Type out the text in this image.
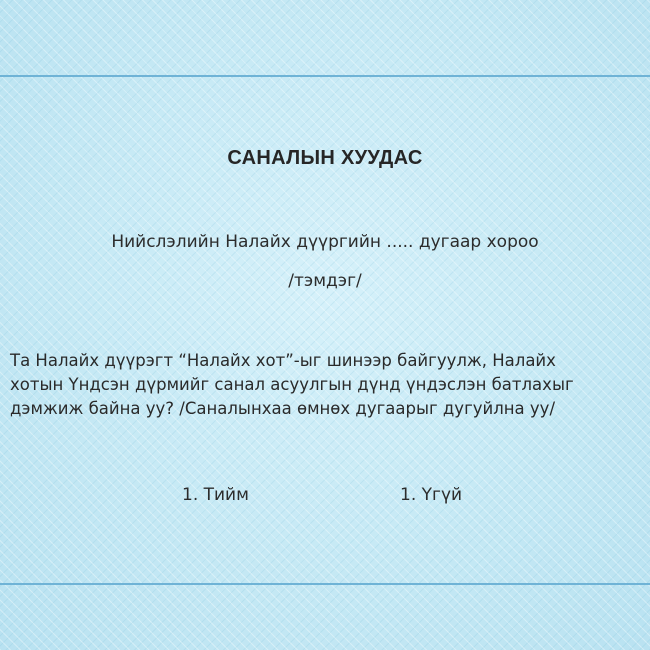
САНАЛЫН ХУУДАС
Нийслэлийн Налайх дүүргийн ..... дугаар хороо
/тэмдэг/
Та Налайх дүүрэгт “Налайх хот”-ыг шинээр байгуулж, Налайх
хотын Үндсэн дүрмийг санал асуулгын дүнд үндэслэн батлахыг
дэмжиж байна уу? /Саналынхаа өмнөх дугаарыг дугуйлна уу/
1. Тийм	1. Үгүй
